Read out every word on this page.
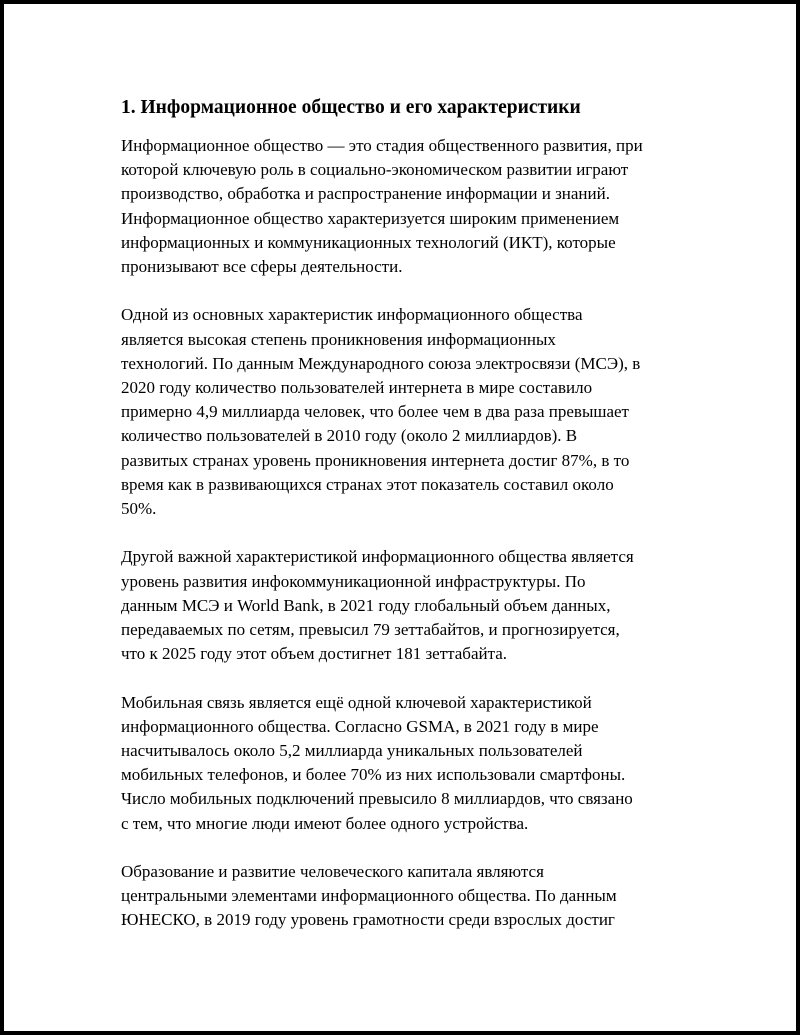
1. Информационное общество и его характеристики

Информационное общество — это стадия общественного развития, при
которой ключевую роль в социально-экономическом развитии играют
производство, обработка и распространение информации и знаний.
Информационное общество характеризуется широким применением
информационных и коммуникационных технологий (ИКТ), которые
пронизывают все сферы деятельности.

Одной из основных характеристик информационного общества
является высокая степень проникновения информационных
технологий. По данным Международного союза электросвязи (МСЭ), в
2020 году количество пользователей интернета в мире составило
примерно 4,9 миллиарда человек, что более чем в два раза превышает
количество пользователей в 2010 году (около 2 миллиардов). В
развитых странах уровень проникновения интернета достиг 87%, в то
время как в развивающихся странах этот показатель составил около
50%.

Другой важной характеристикой информационного общества является
уровень развития инфокоммуникационной инфраструктуры. По
данным МСЭ и World Bank, в 2021 году глобальный объем данных,
передаваемых по сетям, превысил 79 зеттабайтов, и прогнозируется,
что к 2025 году этот объем достигнет 181 зеттабайта.

Мобильная связь является ещё одной ключевой характеристикой
информационного общества. Согласно GSMA, в 2021 году в мире
насчитывалось около 5,2 миллиарда уникальных пользователей
мобильных телефонов, и более 70% из них использовали смартфоны.
Число мобильных подключений превысило 8 миллиардов, что связано
с тем, что многие люди имеют более одного устройства.

Образование и развитие человеческого капитала являются
центральными элементами информационного общества. По данным
ЮНЕСКО, в 2019 году уровень грамотности среди взрослых достиг
